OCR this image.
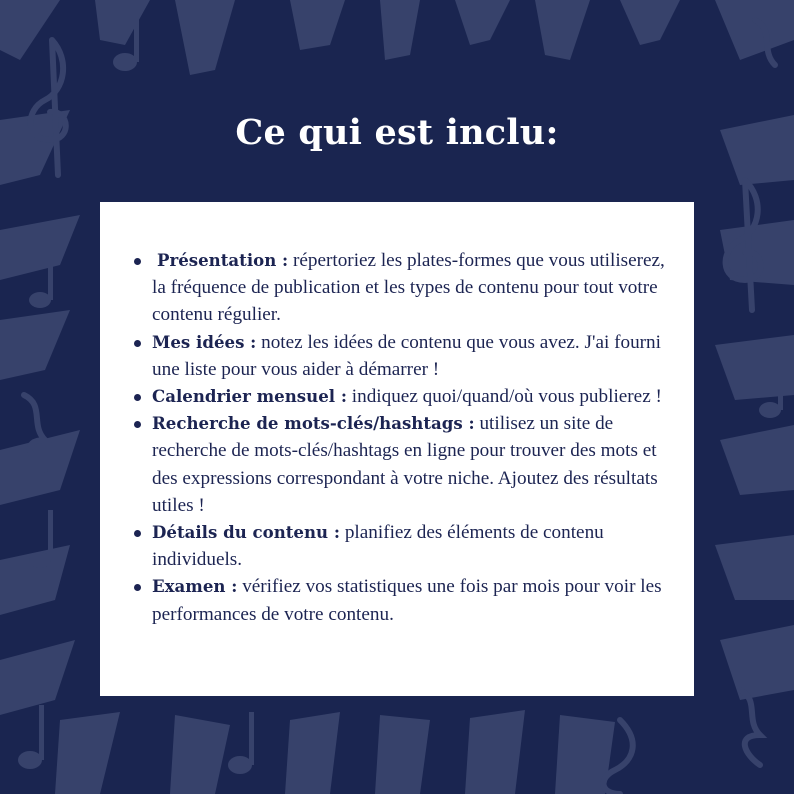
Ce qui est inclu:
Présentation : répertoriez les plates-formes que vous utiliserez, la fréquence de publication et les types de contenu pour tout votre contenu régulier.
Mes idées : notez les idées de contenu que vous avez. J'ai fourni une liste pour vous aider à démarrer !
Calendrier mensuel : indiquez quoi/quand/où vous publierez !
Recherche de mots-clés/hashtags : utilisez un site de recherche de mots-clés/hashtags en ligne pour trouver des mots et des expressions correspondant à votre niche. Ajoutez des résultats utiles !
Détails du contenu : planifiez des éléments de contenu individuels.
Examen : vérifiez vos statistiques une fois par mois pour voir les performances de votre contenu.
